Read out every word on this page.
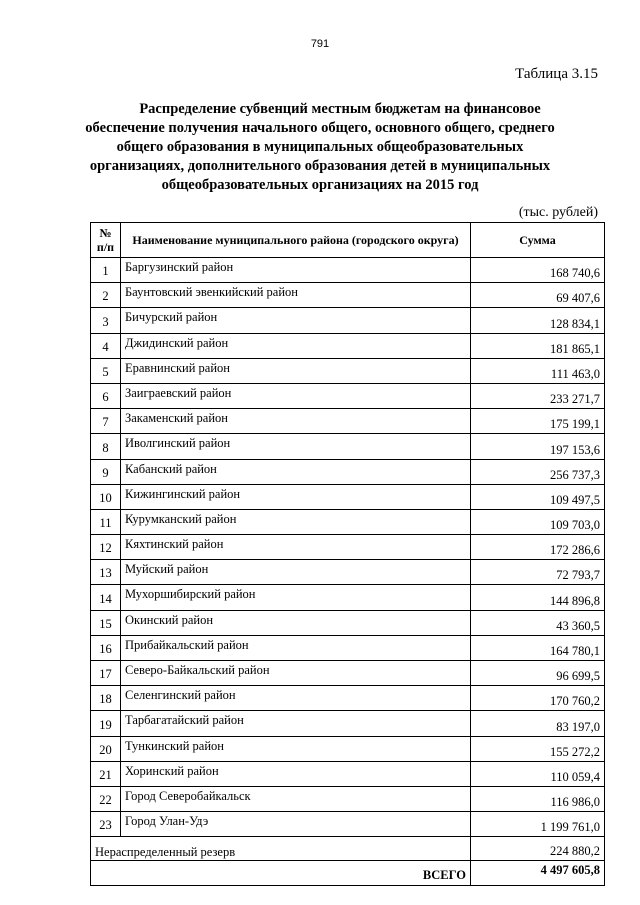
791
Таблица 3.15
Распределение субвенций местным бюджетам на финансовое
обеспечение получения начального общего, основного общего, среднего общего образования в муниципальных общеобразовательных организациях, дополнительного образования детей в муниципальных общеобразовательных организациях на 2015 год
(тыс. рублей)
№ п/п	Наименование муниципального района (городского округа)	Сумма
1	Баргузинский район	168 740,6
2	Баунтовский эвенкийский район	69 407,6
3	Бичурский район	128 834,1
4	Джидинский район	181 865,1
5	Еравнинский район	111 463,0
6	Заиграевский район	233 271,7
7	Закаменский район	175 199,1
8	Иволгинский район	197 153,6
9	Кабанский район	256 737,3
10	Кижингинский район	109 497,5
11	Курумканский район	109 703,0
12	Кяхтинский район	172 286,6
13	Муйский район	72 793,7
14	Мухоршибирский район	144 896,8
15	Окинский район	43 360,5
16	Прибайкальский район	164 780,1
17	Северо-Байкальский район	96 699,5
18	Селенгинский район	170 760,2
19	Тарбагатайский район	83 197,0
20	Тункинский район	155 272,2
21	Хоринский район	110 059,4
22	Город Северобайкальск	116 986,0
23	Город Улан-Удэ	1 199 761,0
Нераспределенный резерв		224 880,2
ВСЕГО		4 497 605,8
